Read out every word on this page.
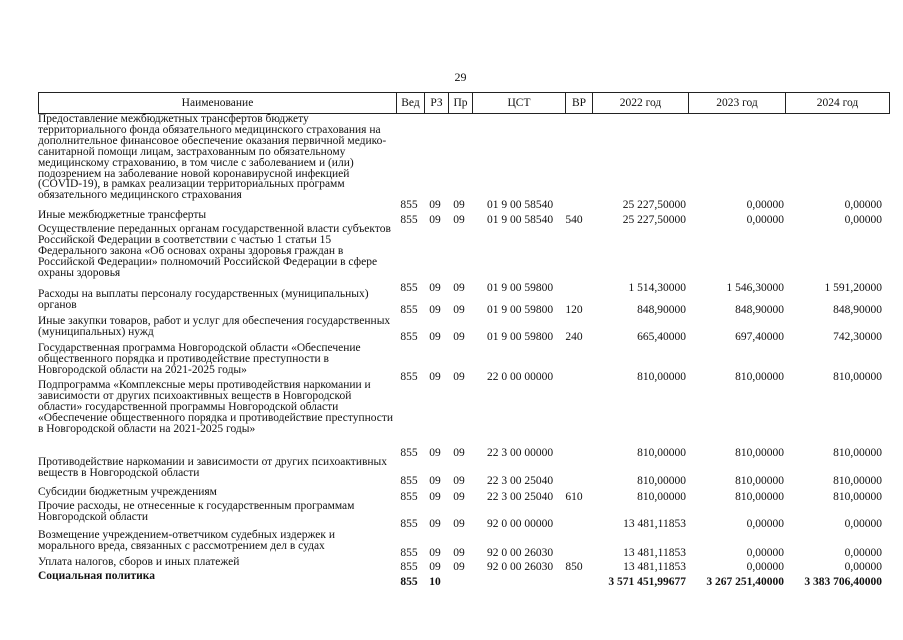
29
Наименование	Вед РЗ Пр	ЦСТ	ВР	2022 год	2023 год	2024 год
Предоставление межбюджетных трансфертов бюджету территориального фонда обязательного медицинского страхования на дополнительное финансовое обеспечение оказания первичной медико-санитарной помощи лицам, застрахованным по обязательному медицинскому страхованию, в том числе с заболеванием и (или) подозрением на заболевание новой коронавирусной инфекцией (COVID-19), в рамках реализации территориальных программ обязательного медицинского страхования
855	09	09	01 9 00 58540	25 227,50000	0,00000	0,00000
Иные межбюджетные трансферты	855	09	09	01 9 00 58540	540	25 227,50000	0,00000	0,00000
Осуществление переданных органам государственной власти субъектов Российской Федерации в соответствии с частью 1 статьи 15 Федерального закона «Об основах охраны здоровья граждан в Российской Федерации» полномочий Российской Федерации в сфере охраны здоровья
855	09	09	01 9 00 59800	1 514,30000	1 546,30000	1 591,20000
Расходы на выплаты персоналу государственных (муниципальных) органов	855	09	09	01 9 00 59800	120	848,90000	848,90000	848,90000
Иные закупки товаров, работ и услуг для обеспечения государственных (муниципальных) нужд	855	09	09	01 9 00 59800	240	665,40000	697,40000	742,30000
Государственная программа Новгородской области «Обеспечение общественного порядка и противодействие преступности в Новгородской области на 2021-2025 годы»
855	09	09	22 0 00 00000	810,00000	810,00000	810,00000
Подпрограмма «Комплексные меры противодействия наркомании и зависимости от других психоактивных веществ в Новгородской области» государственной программы Новгородской области «Обеспечение общественного порядка и противодействие преступности в Новгородской области на 2021-2025 годы»
855	09	09	22 3 00 00000	810,00000	810,00000	810,00000
Противодействие наркомании и зависимости от других психоактивных веществ в Новгородской области
855	09	09	22 3 00 25040	810,00000	810,00000	810,00000
Субсидии бюджетным учреждениям	855	09	09	22 3 00 25040	610	810,00000	810,00000	810,00000
Прочие расходы, не отнесенные к государственным программам Новгородской области
855	09	09	92 0 00 00000	13 481,11853	0,00000	0,00000
Возмещение учреждением-ответчиком судебных издержек и морального вреда, связанных с рассмотрением дел в судах
855	09	09	92 0 00 26030	13 481,11853	0,00000	0,00000
Уплата налогов, сборов и иных платежей	855	09	09	92 0 00 26030	850	13 481,11853	0,00000	0,00000
Социальная политика	855	10	3 571 451,99677	3 267 251,40000	3 383 706,40000
